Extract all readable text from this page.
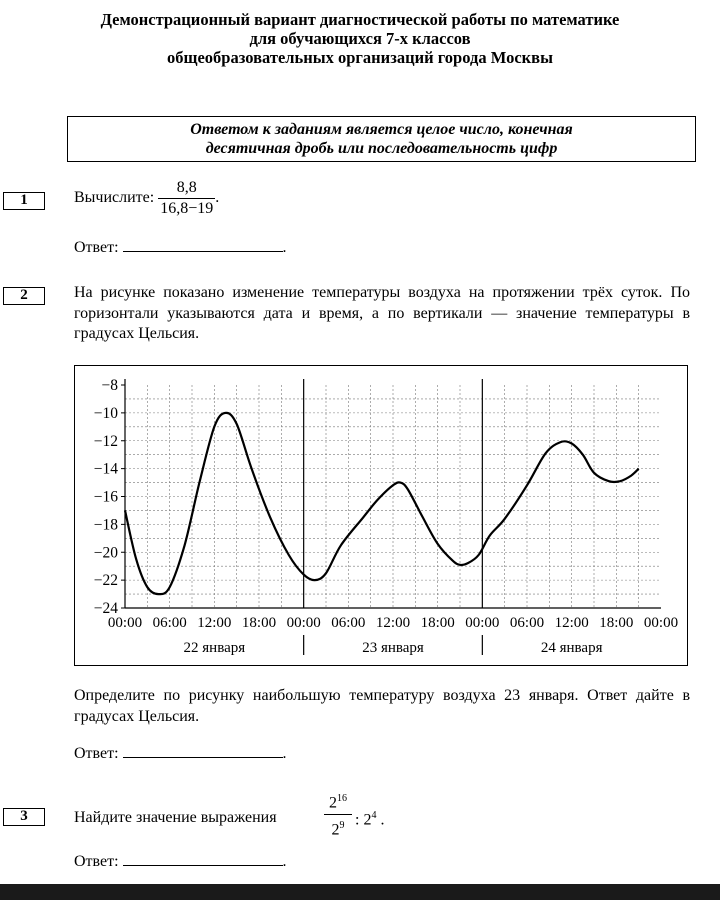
Демонстрационный вариант диагностической работы по математике
для обучающихся 7-х классов
общеобразовательных организаций города Москвы
Ответом к заданиям является целое число, конечная
десятичная дробь или последовательность цифр
1	Вычислите: $\frac{8,8}{16,8-19}$ .
Ответ:	.
2	На рисунке показано изменение температуры воздуха на протяжении трёх суток. По горизонтали указываются дата и время, а по вертикали — значение температуры в градусах Цельсия.
−24
−22
−20
−18
−16
−14
−12
−10
−8
00:00 06:00 12:00 18:00 00:00 06:00 12:00 18:00 00:00 06:00 12:00 18:00 00:00
22 января	23 января	24 января
Определите по рисунку наибольшую температуру воздуха 23 января. Ответ дайте в градусах Цельсия.
Ответ:	.
3	Найдите значение выражения	$\frac{2^{16}}{2^9}$ : $2^4$ .
Ответ:	.
